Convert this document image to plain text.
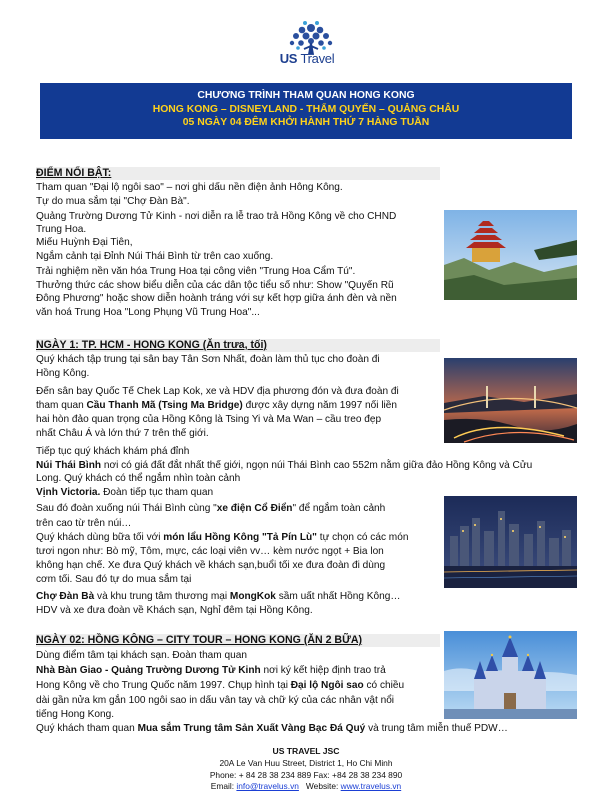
US Travel
CHƯƠNG TRÌNH THAM QUAN HONG KONG
HONG KONG – DISNEYLAND - THẨM QUYẾN – QUẢNG CHÂU
05 NGÀY 04 ĐÊM KHỞI HÀNH THỨ 7 HÀNG TUẦN
ĐIỂM NỔI BẬT:
Tham quan "Đại lộ ngôi sao" – nơi ghi dấu nền điện ảnh Hông Kông.
Tự do mua sắm tại "Chợ Đàn Bà".
Quảng Trường Dương Tử Kinh - nơi diễn ra lễ trao trả Hồng Kông về cho CHND
Trung Hoa.
Miếu Huỳnh Đại Tiên,
Ngắm cảnh tại Đỉnh Núi Thái Bình từ trên cao xuống.
Trải nghiệm nền văn hóa Trung Hoa tại công viên "Trung Hoa Cẩm Tú".
Thưởng thức các show biểu diễn của các dân tộc tiểu số như: Show "Quyến Rũ
Đông Phương" hoặc show diễn hoành tráng với sự kết hợp giữa ánh đèn và nền
văn hoá Trung Hoa "Long Phụng Vũ Trung Hoa"...
NGÀY 1: TP. HCM - HONG KONG (Ăn trưa, tối)
Quý khách tập trung tại sân bay Tân Sơn Nhất, đoàn làm thủ tục cho đoàn đi
Hồng Kông.
Đến sân bay Quốc Tế Chek Lap Kok, xe và HDV địa phương đón và đưa đoàn đi
tham quan Cầu Thanh Mã (Tsing Ma Bridge) được xây dựng năm 1997 nối liền
hai hòn đảo quan trọng của Hồng Kông là Tsing Yi và Ma Wan – cầu treo đẹp
nhất Châu Á và lớn thứ 7 trên thế giới.
Tiếp tục quý khách khám phá đỉnh
Núi Thái Bình nơi có giá đất đắt nhất thế giới, ngọn núi Thái Bình cao 552m nằm giữa đảo Hồng Kông và Cửu
Long. Quý khách có thể ngắm nhìn toàn cảnh
Vịnh Victoria. Đoàn tiếp tục tham quan
Sau đó đoàn xuống núi Thái Bình cùng "xe điện Cổ Điển" để ngắm toàn cảnh
trên cao từ trên núi…
Quý khách dùng bữa tối với món lẩu Hồng Kông "Tả Pín Lù" tự chọn có các món
tươi ngon như: Bò mỹ, Tôm, mực, các loại viên vv… kèm nước ngọt + Bia lon
không hạn chế. Xe đưa Quý khách về khách sạn,buổi tối xe đưa đoàn đi dùng
cơm tối. Sau đó tự do mua sắm tại
Chợ Đàn Bà và khu trung tâm thương mại MongKok sầm uất nhất Hồng Kông…
HDV và xe đưa đoàn về Khách sạn, Nghỉ đêm tại Hồng Kông.
NGÀY 02: HỒNG KÔNG – CITY TOUR – HONG KONG (ĂN 2 BỮA)
Dùng điểm tâm tại khách sạn. Đoàn tham quan
Nhà Bàn Giao - Quảng Trường Dương Tử Kinh nơi ký kết hiệp định trao trả
Hong Kông về cho Trung Quốc năm 1997. Chụp hình tại Đại lộ Ngôi sao có chiều
dài gần nửa km gắn 100 ngôi sao in dấu vân tay và chữ ký của các nhân vật nổi
tiếng Hong Kong.
Quý khách tham quan Mua sắm Trung tâm Sản Xuất Vàng Bạc Đá Quý và trung tâm miễn thuế PDW…
US TRAVEL JSC
20A Le Van Huu Street, District 1, Ho Chi Minh
Phone: + 84 28 38 234 889 Fax: +84 28 38 234 890
Email: info@travelus.vn   Website: www.travelus.vn
